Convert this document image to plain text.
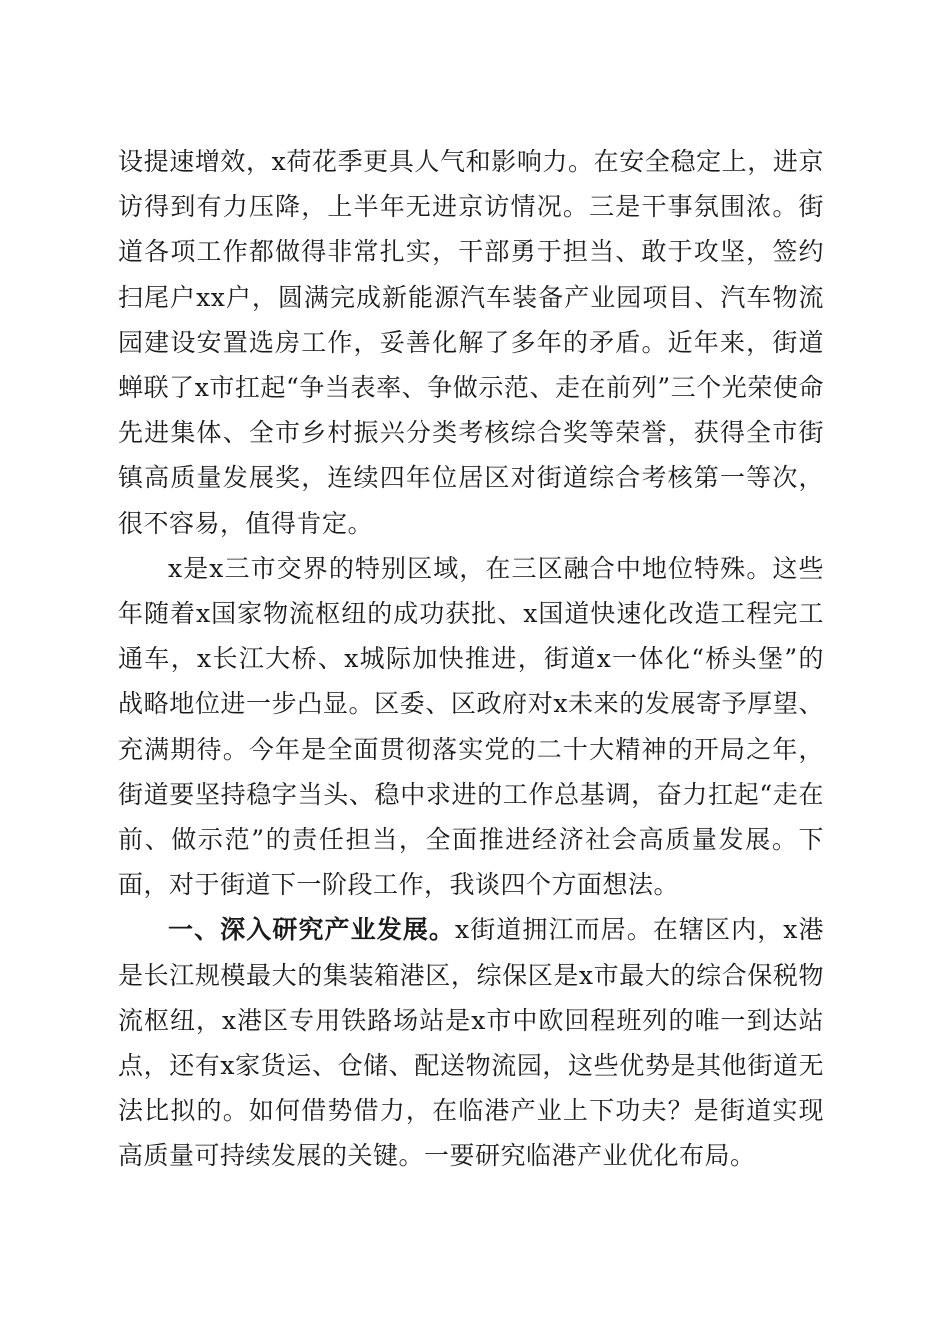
设提速增效，x荷花季更具人气和影响力。在安全稳定上，进京访得到有力压降，上半年无进京访情况。三是干事氛围浓。街道各项工作都做得非常扎实，干部勇于担当、敢于攻坚，签约扫尾户xx户，圆满完成新能源汽车装备产业园项目、汽车物流园建设安置选房工作，妥善化解了多年的矛盾。近年来，街道蝉联了x市扛起“争当表率、争做示范、走在前列”三个光荣使命先进集体、全市乡村振兴分类考核综合奖等荣誉，获得全市街镇高质量发展奖，连续四年位居区对街道综合考核第一等次，很不容易，值得肯定。

x是x三市交界的特别区域，在三区融合中地位特殊。这些年随着x国家物流枢纽的成功获批、x国道快速化改造工程完工通车，x长江大桥、x城际加快推进，街道x一体化“桥头堡”的战略地位进一步凸显。区委、区政府对x未来的发展寄予厚望、充满期待。今年是全面贯彻落实党的二十大精神的开局之年，街道要坚持稳字当头、稳中求进的工作总基调，奋力扛起“走在前、做示范”的责任担当，全面推进经济社会高质量发展。下面，对于街道下一阶段工作，我谈四个方面想法。

一、深入研究产业发展。x街道拥江而居。在辖区内，x港是长江规模最大的集装箱港区，综保区是x市最大的综合保税物流枢纽，x港区专用铁路场站是x市中欧回程班列的唯一到达站点，还有x家货运、仓储、配送物流园，这些优势是其他街道无法比拟的。如何借势借力，在临港产业上下功夫？是街道实现高质量可持续发展的关键。一要研究临港产业优化布局。
